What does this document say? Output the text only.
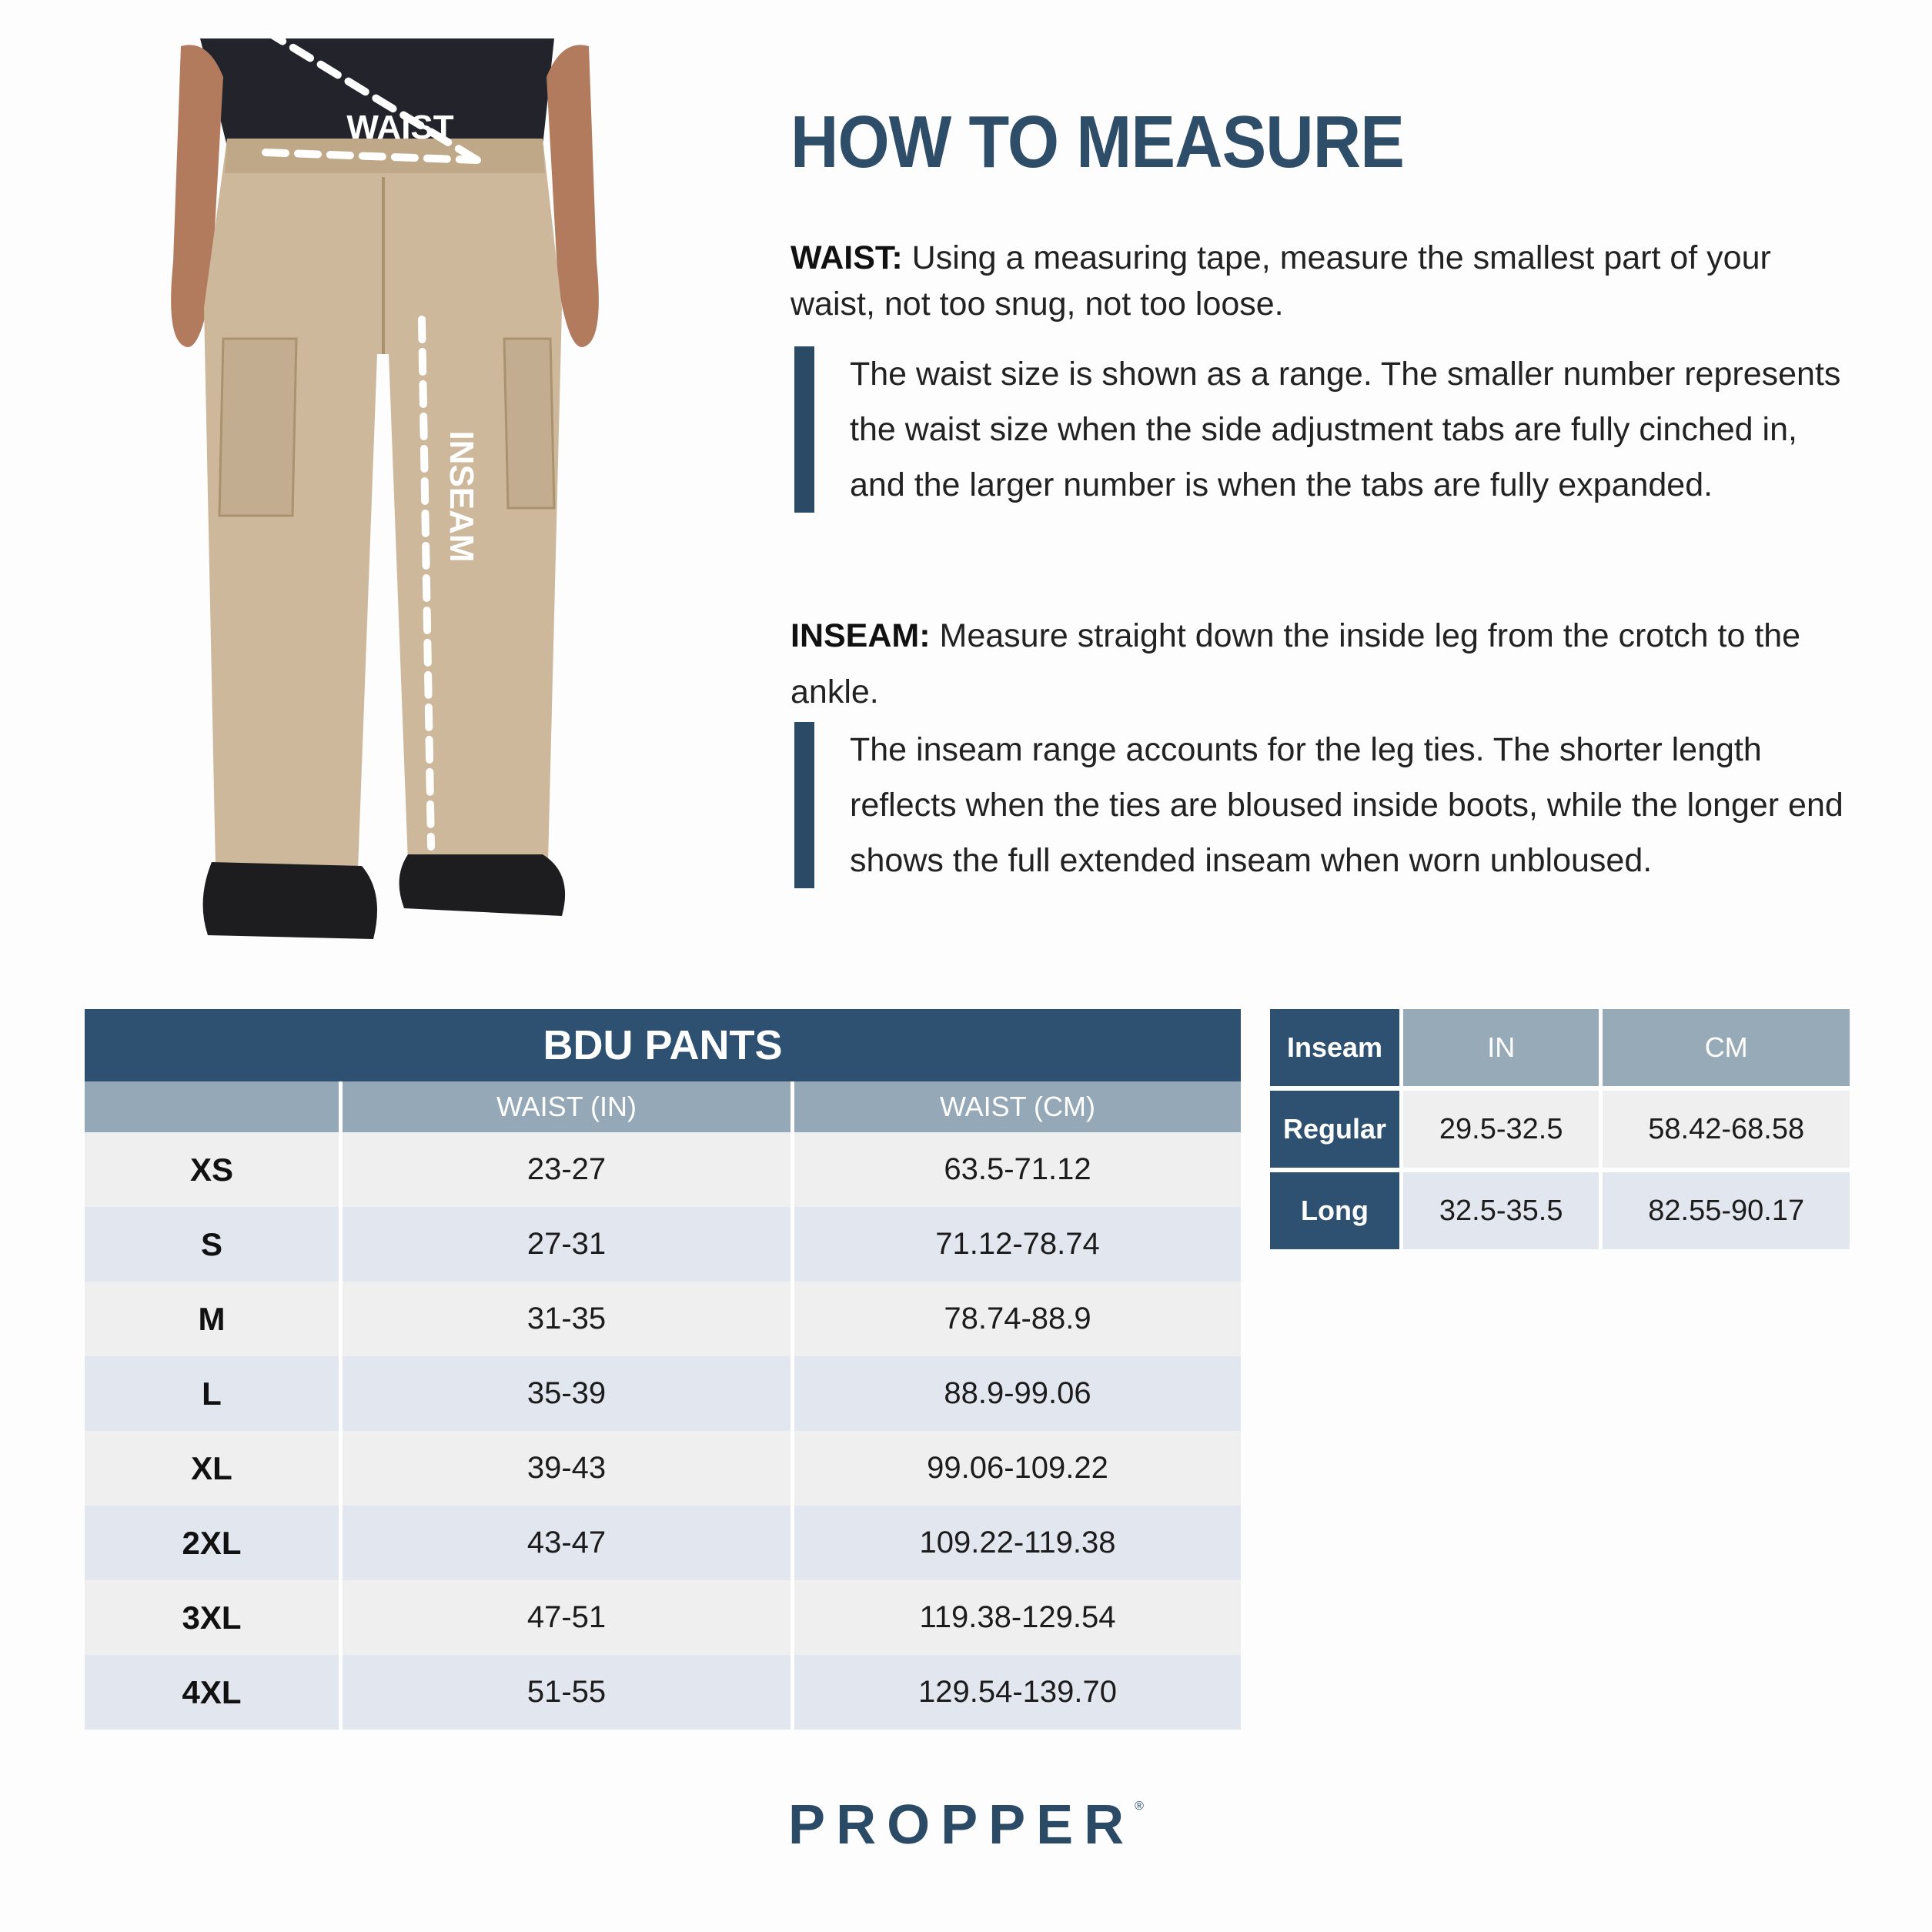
WAIST
INSEAM
HOW TO MEASURE

WAIST: Using a measuring tape, measure the smallest part of your waist, not too snug, not too loose.

The waist size is shown as a range. The smaller number represents the waist size when the side adjustment tabs are fully cinched in, and the larger number is when the tabs are fully expanded.

INSEAM: Measure straight down the inside leg from the crotch to the ankle.

The inseam range accounts for the leg ties. The shorter length reflects when the ties are bloused inside boots, while the longer end shows the full extended inseam when worn unbloused.

BDU PANTS		
	WAIST (IN)	WAIST (CM)
XS	23-27	63.5-71.12
S	27-31	71.12-78.74
M	31-35	78.74-88.9
L	35-39	88.9-99.06
XL	39-43	99.06-109.22
2XL	43-47	109.22-119.38
3XL	47-51	119.38-129.54
4XL	51-55	129.54-139.70
Inseam	IN	CM
Regular	29.5-32.5	58.42-68.58
Long	32.5-35.5	82.55-90.17
PROPPER®
